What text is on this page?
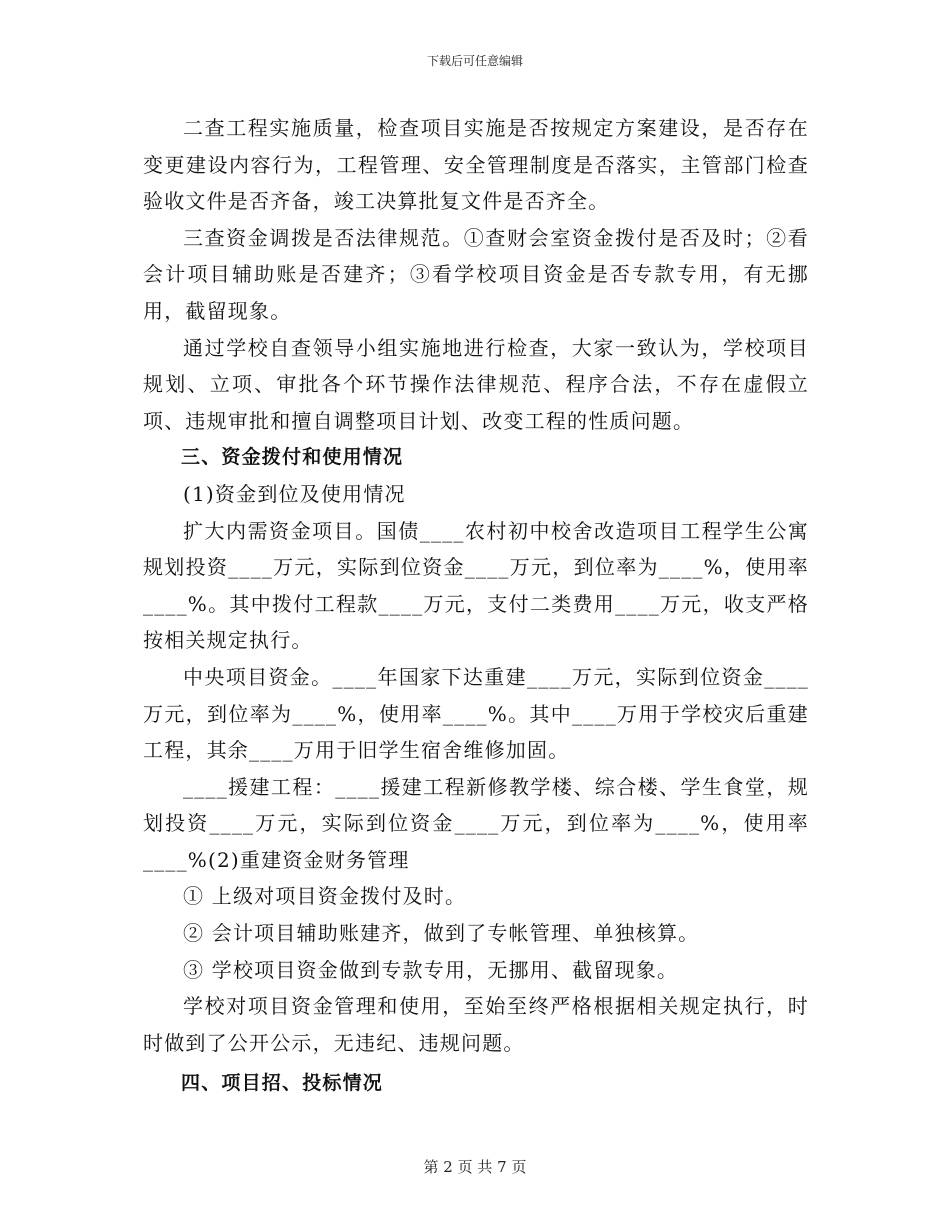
下载后可任意编辑

二查工程实施质量，检查项目实施是否按规定方案建设，是否存在变更建设内容行为，工程管理、安全管理制度是否落实，主管部门检查验收文件是否齐备，竣工决算批复文件是否齐全。

三查资金调拨是否法律规范。①查财会室资金拨付是否及时；②看会计项目辅助账是否建齐；③看学校项目资金是否专款专用，有无挪用，截留现象。

通过学校自查领导小组实施地进行检查，大家一致认为，学校项目规划、立项、审批各个环节操作法律规范、程序合法，不存在虚假立项、违规审批和擅自调整项目计划、改变工程的性质问题。

三、资金拨付和使用情况

(1)资金到位及使用情况

扩大内需资金项目。国债____农村初中校舍改造项目工程学生公寓规划投资____万元，实际到位资金____万元，到位率为____%，使用率____%。其中拨付工程款____万元，支付二类费用____万元，收支严格按相关规定执行。

中央项目资金。____年国家下达重建____万元，实际到位资金____万元，到位率为____%，使用率____%。其中____万用于学校灾后重建工程，其余____万用于旧学生宿舍维修加固。

____援建工程：____援建工程新修教学楼、综合楼、学生食堂，规划投资____万元，实际到位资金____万元，到位率为____%，使用率____%(2)重建资金财务管理

① 上级对项目资金拨付及时。

② 会计项目辅助账建齐，做到了专帐管理、单独核算。

③ 学校项目资金做到专款专用，无挪用、截留现象。

学校对项目资金管理和使用，至始至终严格根据相关规定执行，时时做到了公开公示，无违纪、违规问题。

四、项目招、投标情况

第 2 页 共 7 页
